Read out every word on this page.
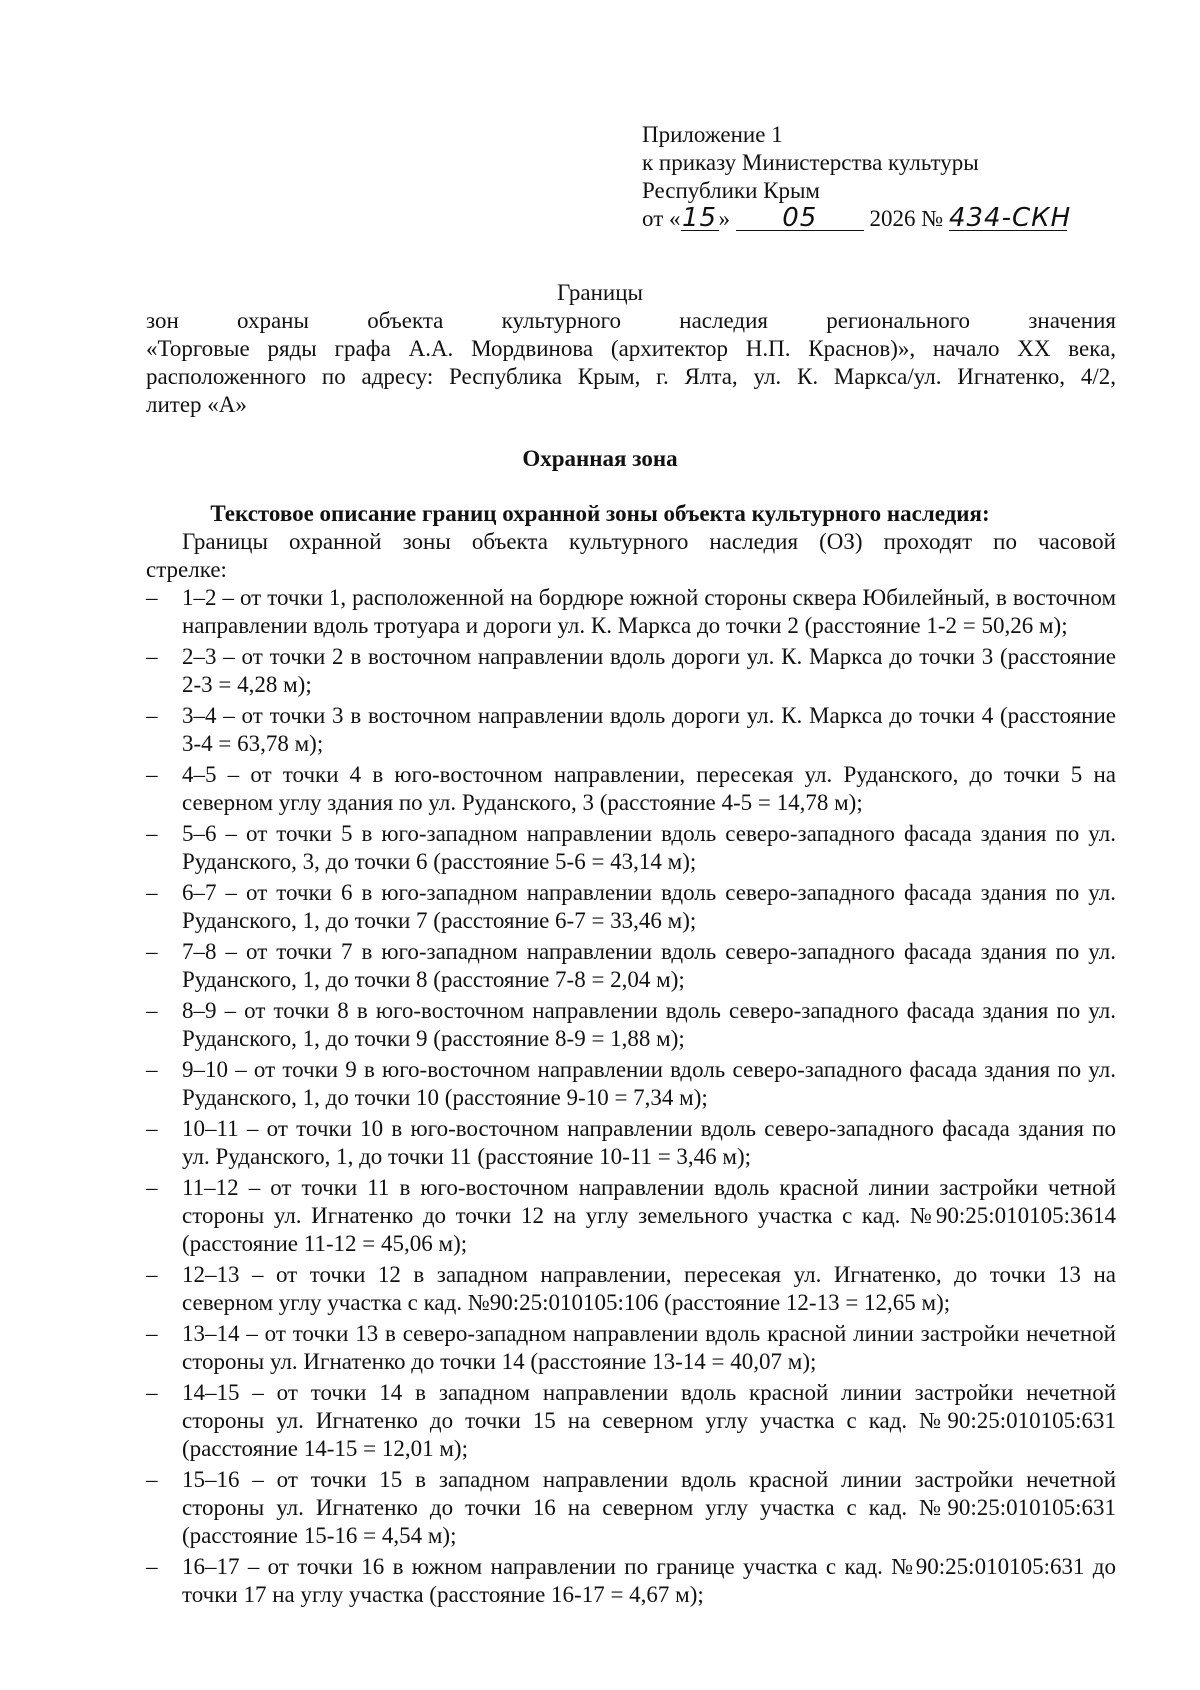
Приложение 1
к приказу Министерства культуры
Республики Крым
от «15» 05 2026 № 434-СКН
Границы
зон охраны объекта культурного наследия регионального значения
«Торговые ряды графа А.А. Мордвинова (архитектор Н.П. Краснов)», начало XX века,
расположенного по адресу: Республика Крым, г. Ялта, ул. К. Маркса/ул. Игнатенко, 4/2,
литер «А»
Охранная зона
Текстовое описание границ охранной зоны объекта культурного наследия:
Границы охранной зоны объекта культурного наследия (ОЗ) проходят по часовой
стрелке:
– 1–2 – от точки 1, расположенной на бордюре южной стороны сквера Юбилейный, в восточном направлении вдоль тротуара и дороги ул. К. Маркса до точки 2 (расстояние 1-2 = 50,26 м);
– 2–3 – от точки 2 в восточном направлении вдоль дороги ул. К. Маркса до точки 3 (расстояние 2-3 = 4,28 м);
– 3–4 – от точки 3 в восточном направлении вдоль дороги ул. К. Маркса до точки 4 (расстояние 3-4 = 63,78 м);
– 4–5 – от точки 4 в юго-восточном направлении, пересекая ул. Руданского, до точки 5 на северном углу здания по ул. Руданского, 3 (расстояние 4-5 = 14,78 м);
– 5–6 – от точки 5 в юго-западном направлении вдоль северо-западного фасада здания по ул. Руданского, 3, до точки 6 (расстояние 5-6 = 43,14 м);
– 6–7 – от точки 6 в юго-западном направлении вдоль северо-западного фасада здания по ул. Руданского, 1, до точки 7 (расстояние 6-7 = 33,46 м);
– 7–8 – от точки 7 в юго-западном направлении вдоль северо-западного фасада здания по ул. Руданского, 1, до точки 8 (расстояние 7-8 = 2,04 м);
– 8–9 – от точки 8 в юго-восточном направлении вдоль северо-западного фасада здания по ул. Руданского, 1, до точки 9 (расстояние 8-9 = 1,88 м);
– 9–10 – от точки 9 в юго-восточном направлении вдоль северо-западного фасада здания по ул. Руданского, 1, до точки 10 (расстояние 9-10 = 7,34 м);
– 10–11 – от точки 10 в юго-восточном направлении вдоль северо-западного фасада здания по ул. Руданского, 1, до точки 11 (расстояние 10-11 = 3,46 м);
– 11–12 – от точки 11 в юго-восточном направлении вдоль красной линии застройки четной стороны ул. Игнатенко до точки 12 на углу земельного участка с кад. №90:25:010105:3614 (расстояние 11-12 = 45,06 м);
– 12–13 – от точки 12 в западном направлении, пересекая ул. Игнатенко, до точки 13 на северном углу участка с кад. №90:25:010105:106 (расстояние 12-13 = 12,65 м);
– 13–14 – от точки 13 в северо-западном направлении вдоль красной линии застройки нечетной стороны ул. Игнатенко до точки 14 (расстояние 13-14 = 40,07 м);
– 14–15 – от точки 14 в западном направлении вдоль красной линии застройки нечетной стороны ул. Игнатенко до точки 15 на северном углу участка с кад. №90:25:010105:631 (расстояние 14-15 = 12,01 м);
– 15–16 – от точки 15 в западном направлении вдоль красной линии застройки нечетной стороны ул. Игнатенко до точки 16 на северном углу участка с кад. №90:25:010105:631 (расстояние 15-16 = 4,54 м);
– 16–17 – от точки 16 в южном направлении по границе участка с кад. №90:25:010105:631 до точки 17 на углу участка (расстояние 16-17 = 4,67 м);
